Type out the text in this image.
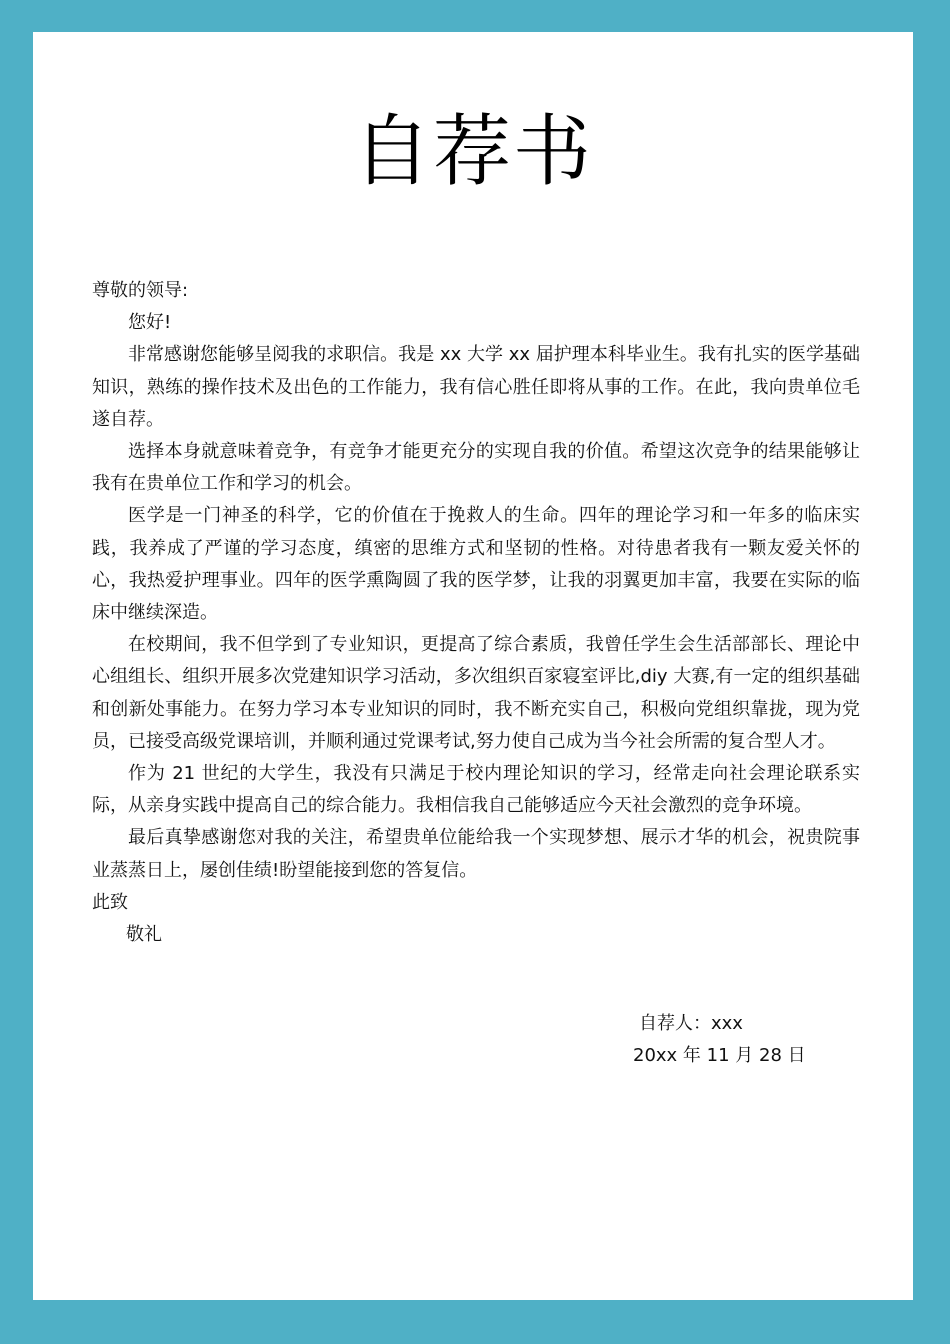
自荐书
尊敬的领导:
您好!
非常感谢您能够呈阅我的求职信。我是 xx 大学 xx 届护理本科毕业生。我有扎实的医学基础知识，熟练的操作技术及出色的工作能力，我有信心胜任即将从事的工作。在此，我向贵单位毛遂自荐。
选择本身就意味着竞争，有竞争才能更充分的实现自我的价值。希望这次竞争的结果能够让我有在贵单位工作和学习的机会。
医学是一门神圣的科学，它的价值在于挽救人的生命。四年的理论学习和一年多的临床实践，我养成了严谨的学习态度，缜密的思维方式和坚韧的性格。对待患者我有一颗友爱关怀的心，我热爱护理事业。四年的医学熏陶圆了我的医学梦，让我的羽翼更加丰富，我要在实际的临床中继续深造。
在校期间，我不但学到了专业知识，更提高了综合素质，我曾任学生会生活部部长、理论中心组组长、组织开展多次党建知识学习活动，多次组织百家寝室评比,diy 大赛,有一定的组织基础和创新处事能力。在努力学习本专业知识的同时，我不断充实自己，积极向党组织靠拢，现为党员，已接受高级党课培训，并顺利通过党课考试,努力使自己成为当今社会所需的复合型人才。
作为 21 世纪的大学生，我没有只满足于校内理论知识的学习，经常走向社会理论联系实际，从亲身实践中提高自己的综合能力。我相信我自己能够适应今天社会激烈的竞争环境。
最后真挚感谢您对我的关注，希望贵单位能给我一个实现梦想、展示才华的机会，祝贵院事业蒸蒸日上，屡创佳绩!盼望能接到您的答复信。
此致
敬礼
自荐人：xxx
20xx 年 11 月 28 日
